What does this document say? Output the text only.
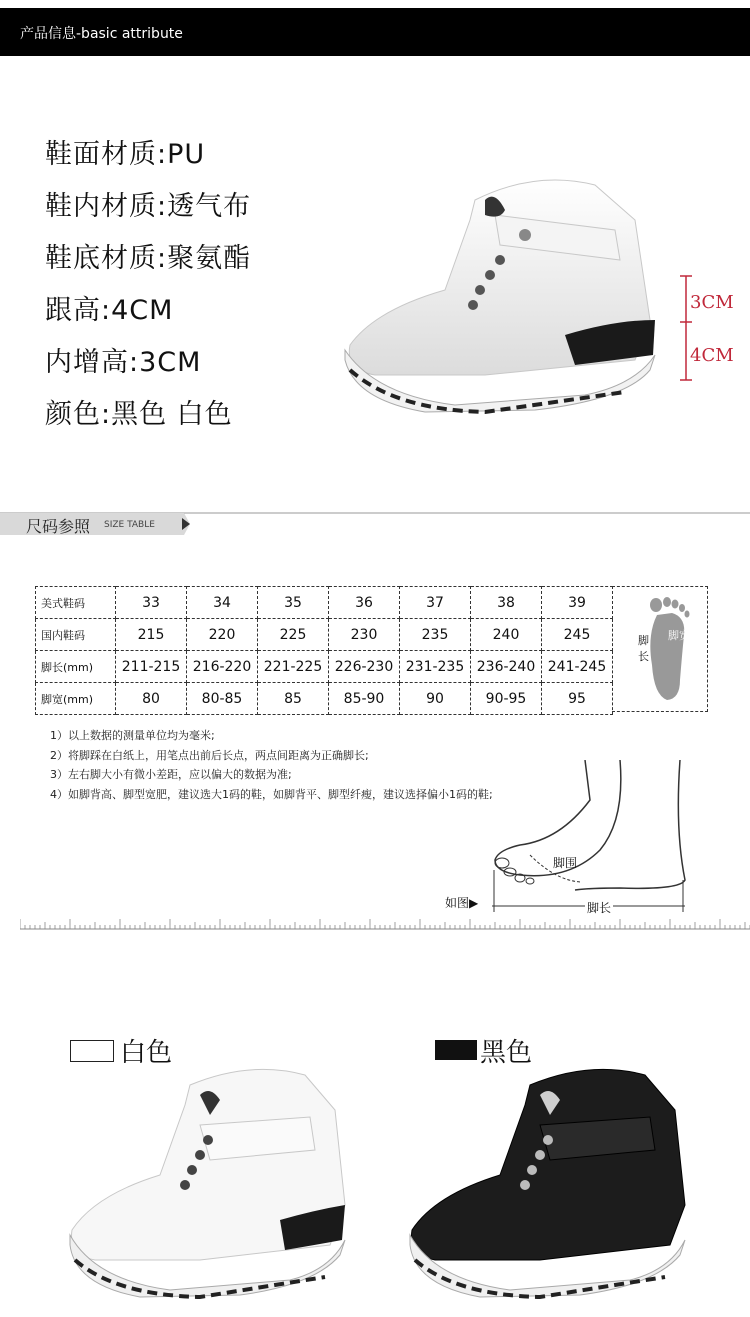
产品信息-basic attribute
鞋面材质:PU
鞋内材质:透气布
鞋底材质:聚氨酯
跟高:4CM
内增高:3CM
颜色:黑色 白色
3CM
4CM
尺码参照 SIZE TABLE
美式鞋码	33	34	35	36	37	38	39
国内鞋码	215	220	225	230	235	240	245
脚长(mm)	211-215	216-220	221-225	226-230	231-235	236-240	241-245
脚宽(mm)	80	80-85	85	85-90	90	90-95	95
脚长
脚宽
1）以上数据的测量单位均为毫米;
2）将脚踩在白纸上，用笔点出前后长点，两点间距离为正确脚长;
3）左右脚大小有微小差距，应以偏大的数据为准;
4）如脚背高、脚型宽肥，建议选大1码的鞋，如脚背平、脚型纤瘦，建议选择偏小1码的鞋;
脚围
如图▶	脚长
白色	黑色
